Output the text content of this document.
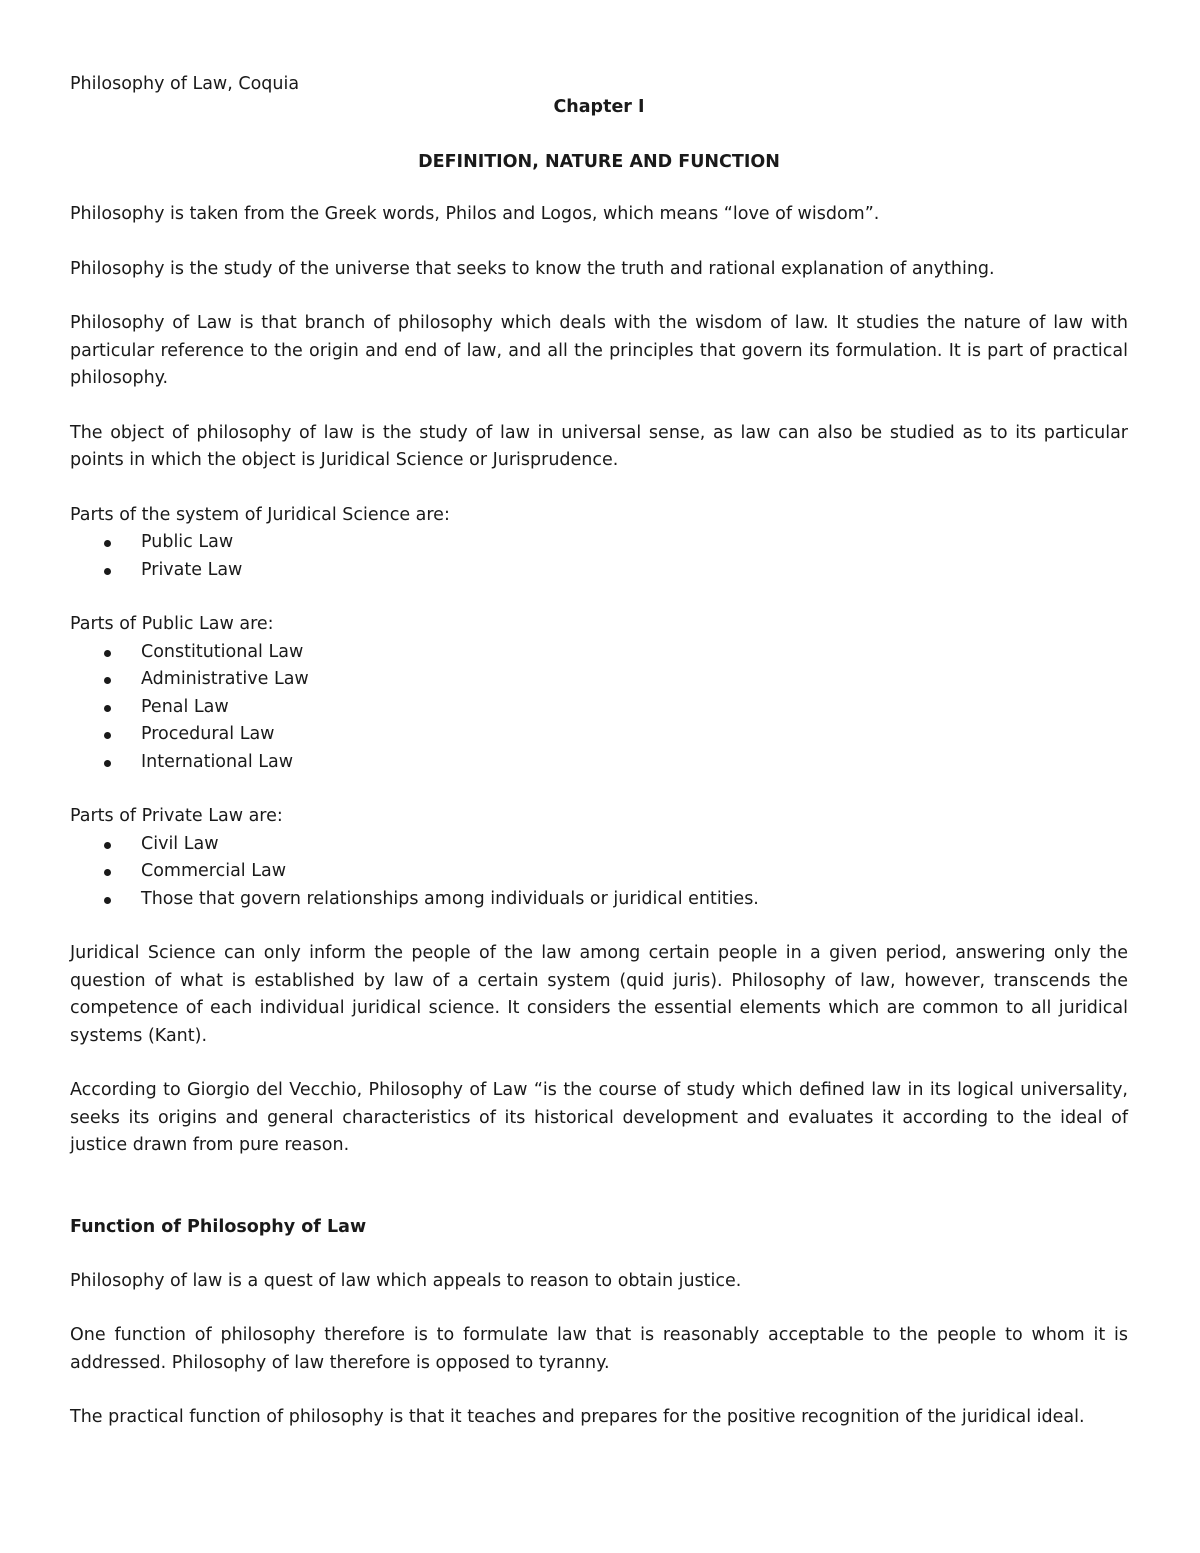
Philosophy of Law, Coquia

Chapter I

DEFINITION, NATURE AND FUNCTION

Philosophy is taken from the Greek words, Philos and Logos, which means “love of wisdom”.

Philosophy is the study of the universe that seeks to know the truth and rational explanation of anything.

Philosophy of Law is that branch of philosophy which deals with the wisdom of law. It studies the nature of law with particular reference to the origin and end of law, and all the principles that govern its formulation. It is part of practical philosophy.

The object of philosophy of law is the study of law in universal sense, as law can also be studied as to its particular points in which the object is Juridical Science or Jurisprudence.

Parts of the system of Juridical Science are:

Public Law
Private Law

Parts of Public Law are:

Constitutional Law
Administrative Law
Penal Law
Procedural Law
International Law

Parts of Private Law are:

Civil Law
Commercial Law
Those that govern relationships among individuals or juridical entities.

Juridical Science can only inform the people of the law among certain people in a given period, answering only the question of what is established by law of a certain system (quid juris). Philosophy of law, however, transcends the competence of each individual juridical science. It considers the essential elements which are common to all juridical systems (Kant).

According to Giorgio del Vecchio, Philosophy of Law “is the course of study which defined law in its logical universality, seeks its origins and general characteristics of its historical development and evaluates it according to the ideal of justice drawn from pure reason.

Function of Philosophy of Law

Philosophy of law is a quest of law which appeals to reason to obtain justice.

One function of philosophy therefore is to formulate law that is reasonably acceptable to the people to whom it is addressed. Philosophy of law therefore is opposed to tyranny.

The practical function of philosophy is that it teaches and prepares for the positive recognition of the juridical ideal.
